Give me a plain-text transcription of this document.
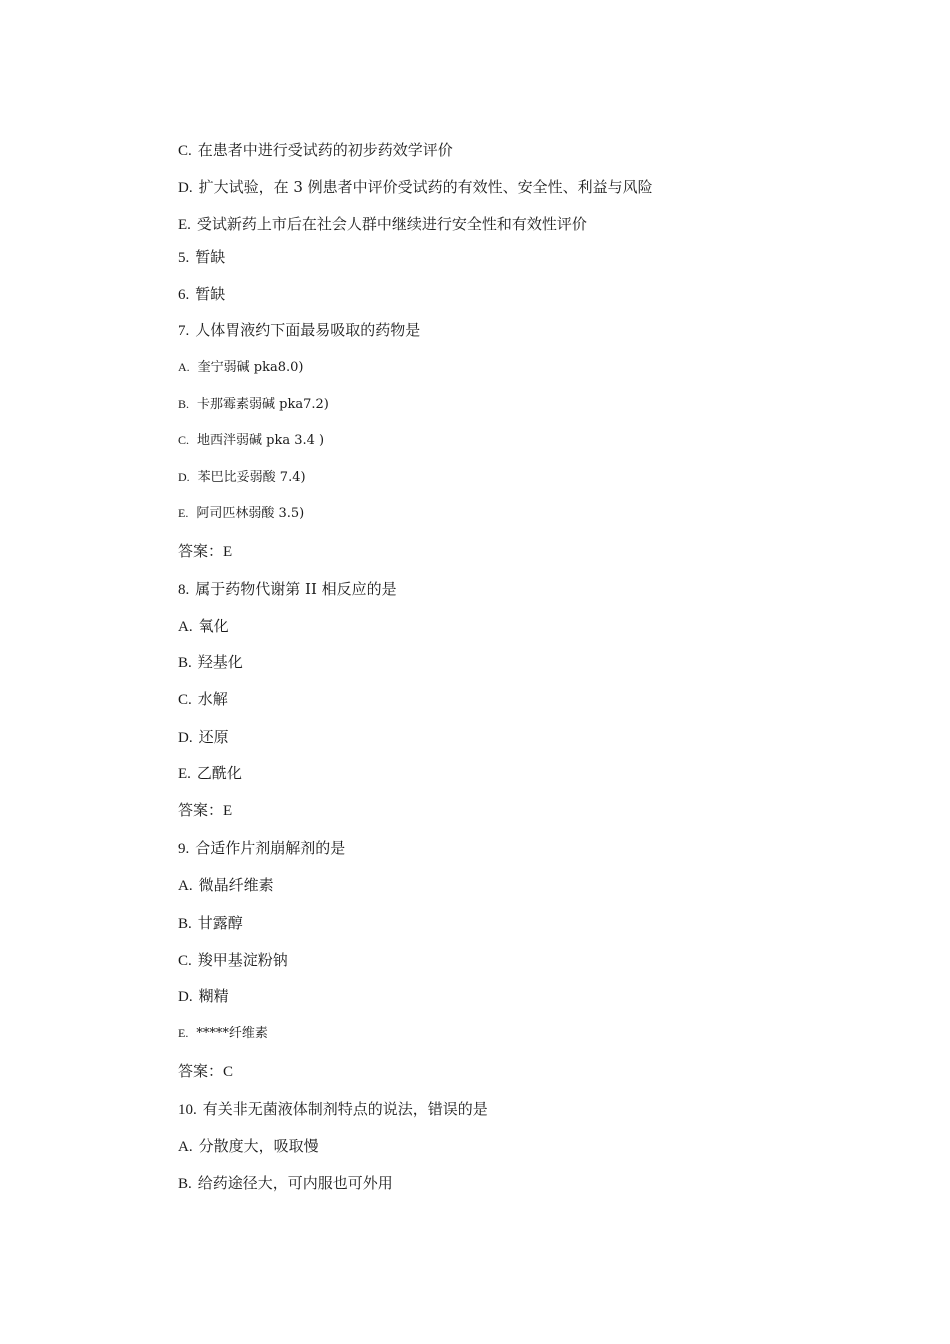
C. 在患者中进行受试药的初步药效学评价

D. 扩大试验，在 3 例患者中评价受试药的有效性、安全性、利益与风险

E. 受试新药上市后在社会人群中继续进行安全性和有效性评价

5. 暂缺

6. 暂缺

7. 人体胃液约下面最易吸取的药物是

A. 奎宁弱碱 pka8.0)

B. 卡那霉素弱碱 pka7.2)

C. 地西泮弱碱 pka 3.4 )

D. 苯巴比妥弱酸 7.4)

E. 阿司匹林弱酸 3.5)

答案：E

8. 属于药物代谢第 II 相反应的是

A. 氧化

B. 羟基化

C. 水解

D. 还原

E. 乙酰化

答案：E

9. 合适作片剂崩解剂的是

A. 微晶纤维素

B. 甘露醇

C. 羧甲基淀粉钠

D. 糊精

E. *****纤维素

答案：C

10. 有关非无菌液体制剂特点的说法，错误的是

A. 分散度大，吸取慢

B. 给药途径大，可内服也可外用
